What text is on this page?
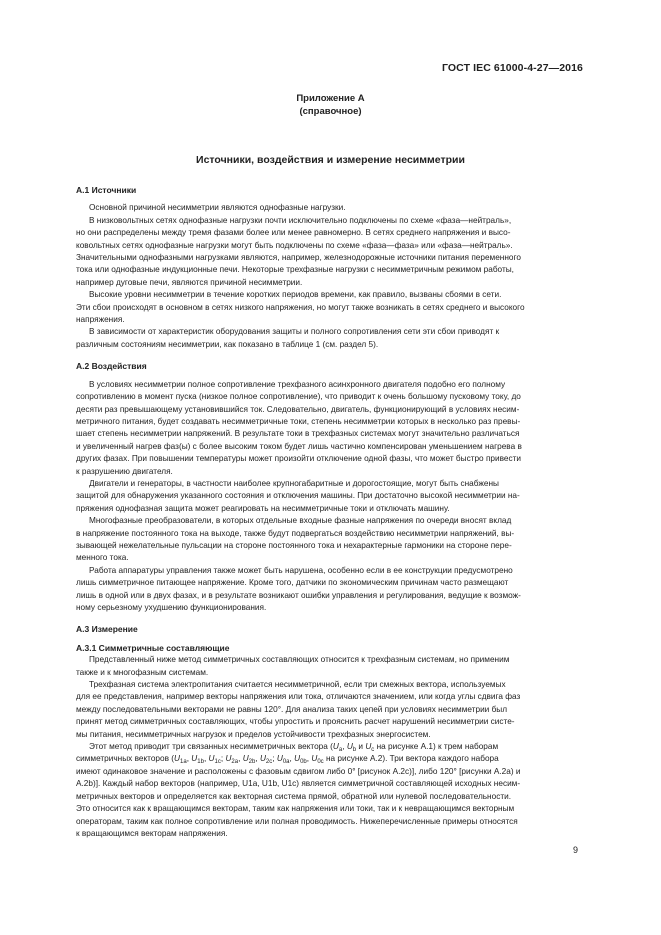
ГОСТ IEC 61000-4-27—2016
Приложение А
(справочное)
Источники, воздействия и измерение несимметрии
А.1 Источники

Основной причиной несимметрии являются однофазные нагрузки.

В низковольтных сетях однофазные нагрузки почти исключительно подключены по схеме «фаза—нейтраль»,

но они распределены между тремя фазами более или менее равномерно. В сетях среднего напряжения и высо-

ковольтных сетях однофазные нагрузки могут быть подключены по схеме «фаза—фаза» или «фаза—нейтраль».

Значительными однофазными нагрузками являются, например, железнодорожные источники питания переменного

тока или однофазные индукционные печи. Некоторые трехфазные нагрузки с несимметричным режимом работы,

например дуговые печи, являются причиной несимметрии.

Высокие уровни несимметрии в течение коротких периодов времени, как правило, вызваны сбоями в сети.

Эти сбои происходят в основном в сетях низкого напряжения, но могут также возникать в сетях среднего и высокого

напряжения.

В зависимости от характеристик оборудования защиты и полного сопротивления сети эти сбои приводят к

различным состояниям несимметрии, как показано в таблице 1 (см. раздел 5).

А.2 Воздействия

В условиях несимметрии полное сопротивление трехфазного асинхронного двигателя подобно его полному

сопротивлению в момент пуска (низкое полное сопротивление), что приводит к очень большому пусковому току, до

десяти раз превышающему установившийся ток. Следовательно, двигатель, функционирующий в условиях несим-

метричного питания, будет создавать несимметричные токи, степень несимметрии которых в несколько раз превы-

шает степень несимметрии напряжений. В результате токи в трехфазных системах могут значительно различаться

и увеличенный нагрев фаз(ы) с более высоким током будет лишь частично компенсирован уменьшением нагрева в

других фазах. При повышении температуры может произойти отключение одной фазы, что может быстро привести

к разрушению двигателя.

Двигатели и генераторы, в частности наиболее крупногабаритные и дорогостоящие, могут быть снабжены

защитой для обнаружения указанного состояния и отключения машины. При достаточно высокой несимметрии на-

пряжения однофазная защита может реагировать на несимметричные токи и отключать машину.

Многофазные преобразователи, в которых отдельные входные фазные напряжения по очереди вносят вклад

в напряжение постоянного тока на выходе, также будут подвергаться воздействию несимметрии напряжений, вы-

зывающей нежелательные пульсации на стороне постоянного тока и нехарактерные гармоники на стороне пере-

менного тока.

Работа аппаратуры управления также может быть нарушена, особенно если в ее конструкции предусмотрено

лишь симметричное питающее напряжение. Кроме того, датчики по экономическим причинам часто размещают

лишь в одной или в двух фазах, и в результате возникают ошибки управления и регулирования, ведущие к возмож-

ному серьезному ухудшению функционирования.

А.3 Измерение
А.3.1 Симметричные составляющие

Представленный ниже метод симметричных составляющих относится к трехфазным системам, но применим

также и к многофазным системам.

Трехфазная система электропитания считается несимметричной, если три смежных вектора, используемых

для ее представления, например векторы напряжения или тока, отличаются значением, или когда углы сдвига фаз

между последовательными векторами не равны 120°. Для анализа таких цепей при условиях несимметрии был

принят метод симметричных составляющих, чтобы упростить и прояснить расчет нарушений несимметрии систе-

мы питания, несимметричных нагрузок и пределов устойчивости трехфазных энергосистем.

Этот метод приводит три связанных несимметричных вектора ($U_a$, $U_b$ и $U_c$ на рисунке А.1) к трем наборам

симметричных векторов ($U_{1a}$, $U_{1b}$, $U_{1c}$; $U_{2a}$, $U_{2b}$, $U_{2c}$; $U_{0a}$, $U_{0b}$, $U_{0c}$ на рисунке А.2). Три вектора каждого набора

имеют одинаковое значение и расположены с фазовым сдвигом либо 0° [рисунок А.2c)], либо 120° [рисунки А.2a) и

А.2b)]. Каждый набор векторов (например, U1a, U1b, U1c) является симметричной составляющей исходных несим-

метричных векторов и определяется как векторная система прямой, обратной или нулевой последовательности.

Это относится как к вращающимся векторам, таким как напряжения или токи, так и к невращающимся векторным

операторам, таким как полное сопротивление или полная проводимость. Нижеперечисленные примеры относятся

к вращающимся векторам напряжения.

9
